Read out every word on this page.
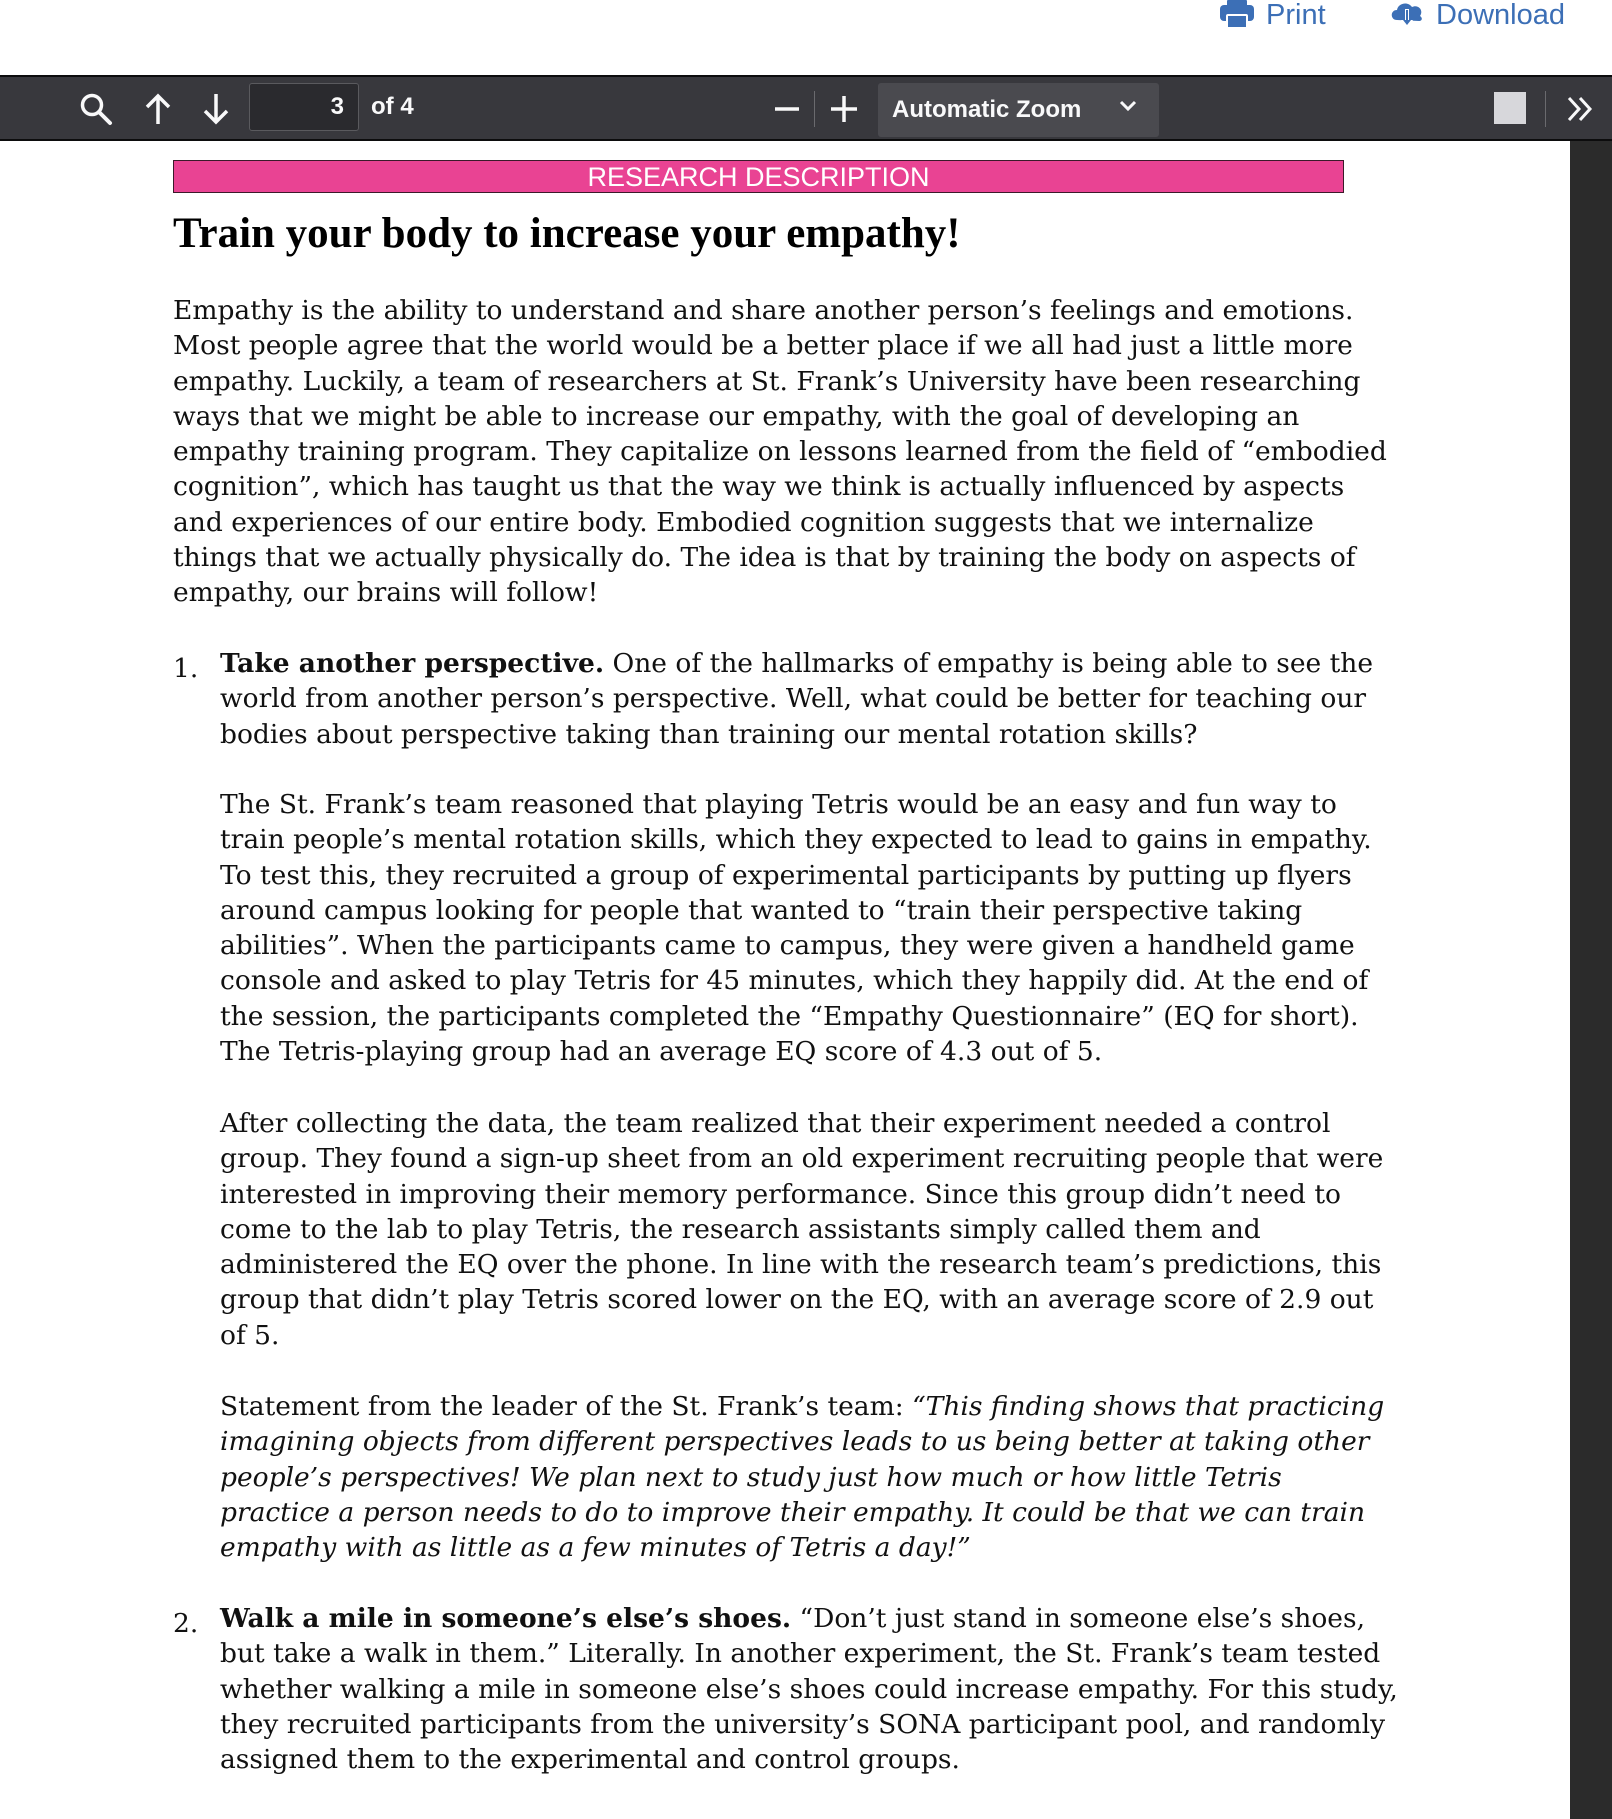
Print	Download
3
of 4	Automatic Zoom
RESEARCH DESCRIPTION
Train your body to increase your empathy!

Empathy is the ability to understand and share another person’s feelings and emotions. Most people agree that the world would be a better place if we all had just a little more empathy. Luckily, a team of researchers at St. Frank’s University have been researching ways that we might be able to increase our empathy, with the goal of developing an empathy training program. They capitalize on lessons learned from the field of “embodied cognition”, which has taught us that the way we think is actually influenced by aspects and experiences of our entire body. Embodied cognition suggests that we internalize things that we actually physically do. The idea is that by training the body on aspects of empathy, our brains will follow!

1. Take another perspective. One of the hallmarks of empathy is being able to see the world from another person’s perspective. Well, what could be better for teaching our bodies about perspective taking than training our mental rotation skills?

The St. Frank’s team reasoned that playing Tetris would be an easy and fun way to train people’s mental rotation skills, which they expected to lead to gains in empathy. To test this, they recruited a group of experimental participants by putting up flyers around campus looking for people that wanted to “train their perspective taking abilities”. When the participants came to campus, they were given a handheld game console and asked to play Tetris for 45 minutes, which they happily did. At the end of the session, the participants completed the “Empathy Questionnaire” (EQ for short). The Tetris-playing group had an average EQ score of 4.3 out of 5.

After collecting the data, the team realized that their experiment needed a control group. They found a sign-up sheet from an old experiment recruiting people that were interested in improving their memory performance. Since this group didn’t need to come to the lab to play Tetris, the research assistants simply called them and administered the EQ over the phone. In line with the research team’s predictions, this group that didn’t play Tetris scored lower on the EQ, with an average score of 2.9 out of 5.

Statement from the leader of the St. Frank’s team: “This finding shows that practicing imagining objects from different perspectives leads to us being better at taking other people’s perspectives! We plan next to study just how much or how little Tetris practice a person needs to do to improve their empathy. It could be that we can train empathy with as little as a few minutes of Tetris a day!”

2. Walk a mile in someone’s else’s shoes. “Don’t just stand in someone else’s shoes, but take a walk in them.” Literally. In another experiment, the St. Frank’s team tested whether walking a mile in someone else’s shoes could increase empathy. For this study, they recruited participants from the university’s SONA participant pool, and randomly assigned them to the experimental and control groups.
